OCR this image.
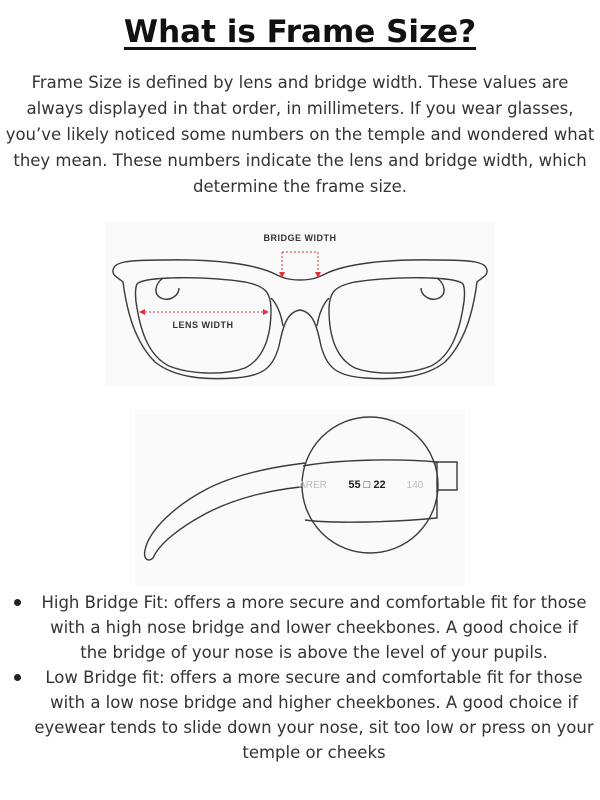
What is Frame Size?
Frame Size is defined by lens and bridge width. These values are always displayed in that order, in millimeters. If you wear glasses, you’ve likely noticed some numbers on the temple and wondered what they mean. These numbers indicate the lens and bridge width, which determine the frame size.
BRIDGE WIDTH
LENS WIDTH
ARER 55 □ 22 140
High Bridge Fit: offers a more secure and comfortable fit for those with a high nose bridge and lower cheekbones. A good choice if the bridge of your nose is above the level of your pupils.
Low Bridge fit: offers a more secure and comfortable fit for those with a low nose bridge and higher cheekbones. A good choice if eyewear tends to slide down your nose, sit too low or press on your temple or cheeks
